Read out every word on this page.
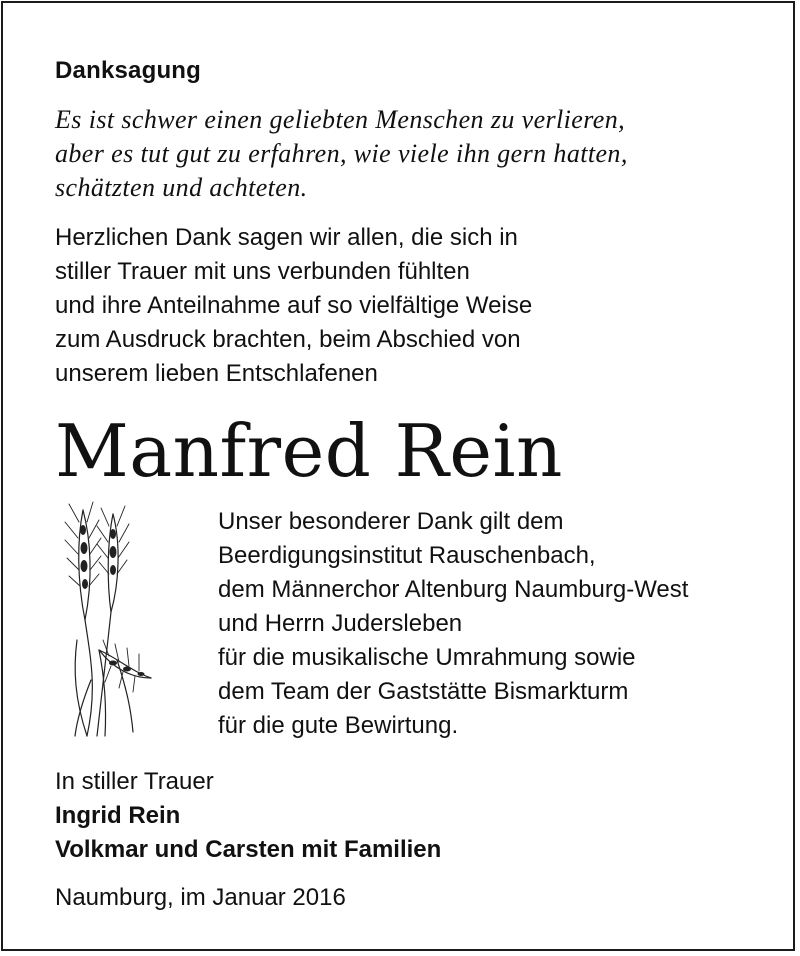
Danksagung
Es ist schwer einen geliebten Menschen zu verlieren,
aber es tut gut zu erfahren, wie viele ihn gern hatten,
schätzten und achteten.
Herzlichen Dank sagen wir allen, die sich in
stiller Trauer mit uns verbunden fühlten
und ihre Anteilnahme auf so vielfältige Weise
zum Ausdruck brachten, beim Abschied von
unserem lieben Entschlafenen
Manfred Rein
Unser besonderer Dank gilt dem
Beerdigungsinstitut Rauschenbach,
dem Männerchor Altenburg Naumburg-West
und Herrn Judersleben
für die musikalische Umrahmung sowie
dem Team der Gaststätte Bismarkturm
für die gute Bewirtung.
In stiller Trauer
Ingrid Rein
Volkmar und Carsten mit Familien
Naumburg, im Januar 2016
